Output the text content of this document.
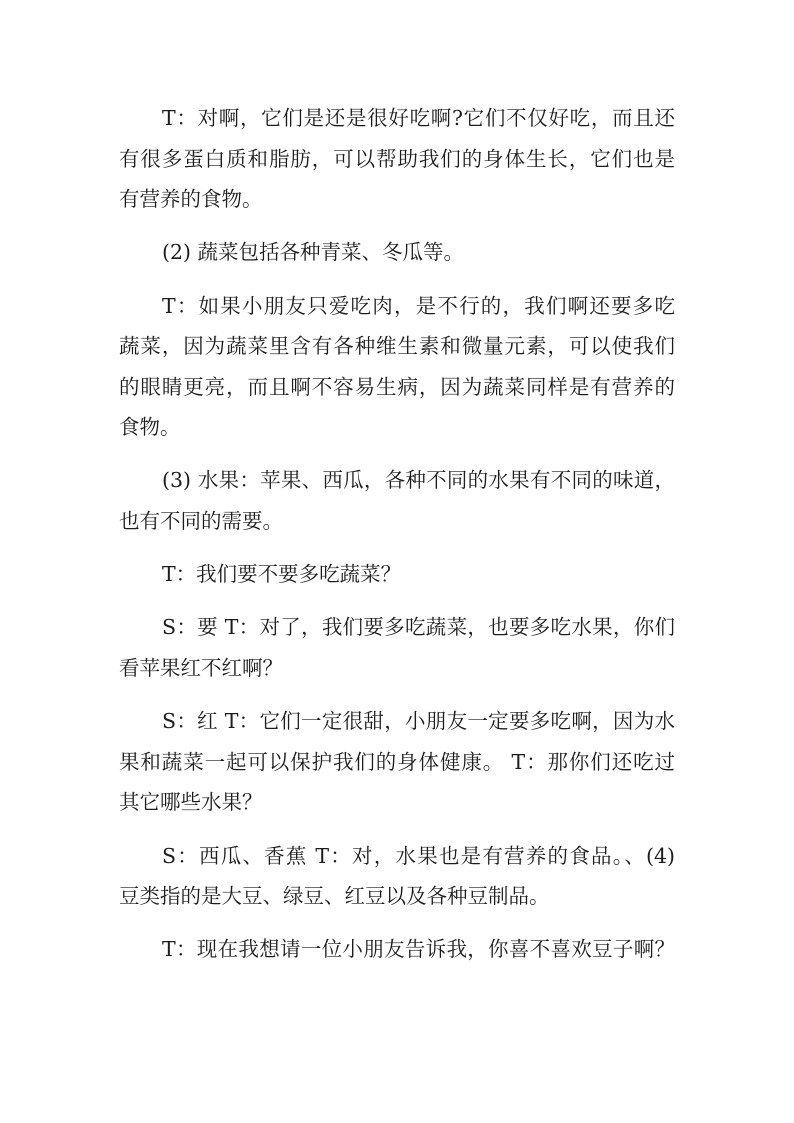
T：对啊，它们是还是很好吃啊?它们不仅好吃，而且还
有很多蛋白质和脂肪，可以帮助我们的身体生长，它们也是
有营养的食物。
(2) 蔬菜包括各种青菜、冬瓜等。
T：如果小朋友只爱吃肉，是不行的，我们啊还要多吃
蔬菜，因为蔬菜里含有各种维生素和微量元素，可以使我们
的眼睛更亮，而且啊不容易生病，因为蔬菜同样是有营养的
食物。
(3) 水果：苹果、西瓜，各种不同的水果有不同的味道，
也有不同的需要。
T：我们要不要多吃蔬菜？
S：要 T：对了，我们要多吃蔬菜，也要多吃水果，你们
看苹果红不红啊？
S：红 T：它们一定很甜，小朋友一定要多吃啊，因为水
果和蔬菜一起可以保护我们的身体健康。 T：那你们还吃过
其它哪些水果？
S：西瓜、香蕉 T：对，水果也是有营养的食品。、(4)
豆类指的是大豆、绿豆、红豆以及各种豆制品。
T：现在我想请一位小朋友告诉我，你喜不喜欢豆子啊？
